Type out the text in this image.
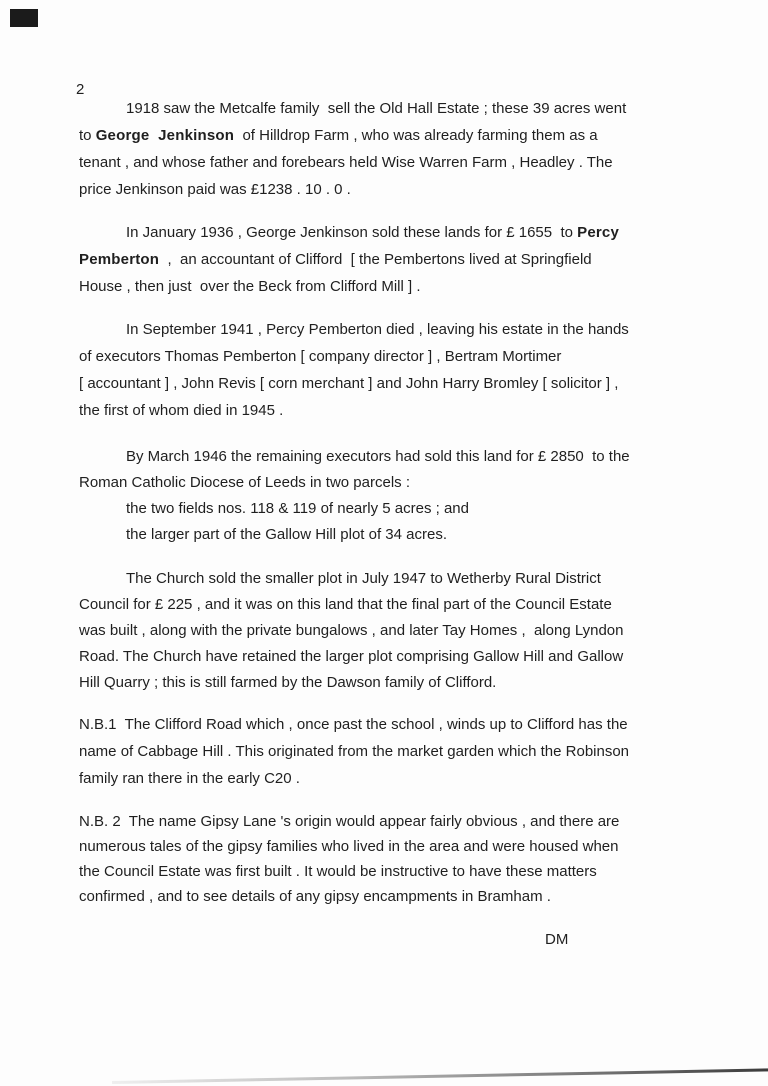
2
1918 saw the Metcalfe family  sell the Old Hall Estate ; these 39 acres went
to George  Jenkinson  of Hilldrop Farm , who was already farming them as a
tenant , and whose father and forebears held Wise Warren Farm , Headley . The
price Jenkinson paid was £1238 . 10 . 0 .
In January 1936 , George Jenkinson sold these lands for £ 1655  to Percy
Pemberton  ,  an accountant of Clifford  [ the Pembertons lived at Springfield
House , then just  over the Beck from Clifford Mill ] .
In September 1941 , Percy Pemberton died , leaving his estate in the hands
of executors Thomas Pemberton [ company director ] , Bertram Mortimer
[ accountant ] , John Revis [ corn merchant ] and John Harry Bromley [ solicitor ] ,
the first of whom died in 1945 .
By March 1946 the remaining executors had sold this land for £ 2850  to the
Roman Catholic Diocese of Leeds in two parcels :
the two fields nos. 118 & 119 of nearly 5 acres ; and
the larger part of the Gallow Hill plot of 34 acres.
The Church sold the smaller plot in July 1947 to Wetherby Rural District
Council for £ 225 , and it was on this land that the final part of the Council Estate
was built , along with the private bungalows , and later Tay Homes ,  along Lyndon
Road. The Church have retained the larger plot comprising Gallow Hill and Gallow
Hill Quarry ; this is still farmed by the Dawson family of Clifford.
N.B.1  The Clifford Road which , once past the school , winds up to Clifford has the
name of Cabbage Hill . This originated from the market garden which the Robinson
family ran there in the early C20 .
N.B. 2  The name Gipsy Lane 's origin would appear fairly obvious , and there are
numerous tales of the gipsy families who lived in the area and were housed when
the Council Estate was first built . It would be instructive to have these matters
confirmed , and to see details of any gipsy encampments in Bramham .
DM
